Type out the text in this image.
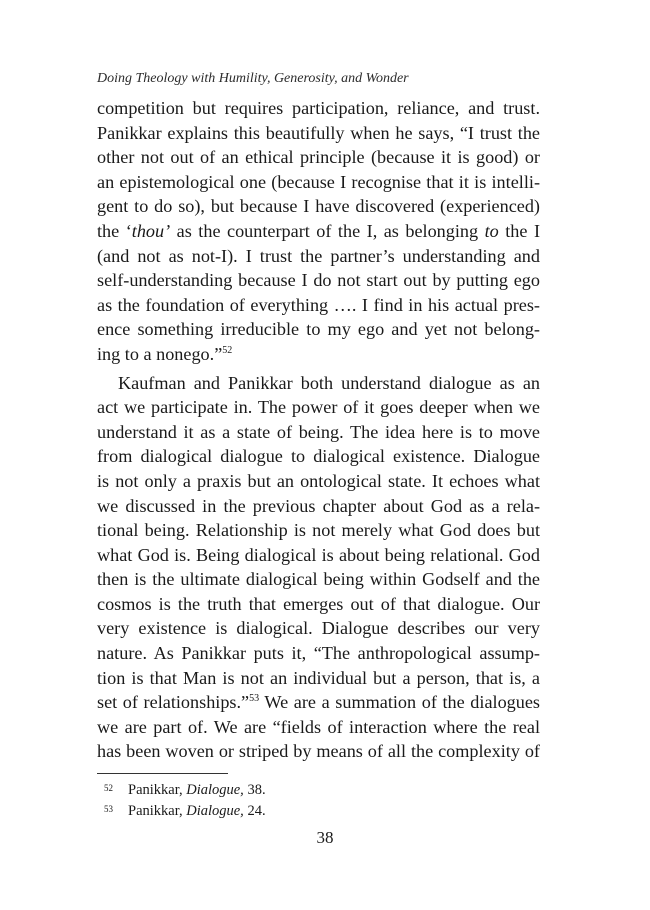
Doing Theology with Humility, Generosity, and Wonder
competition but requires participation, reliance, and trust.
Panikkar explains this beautifully when he says, “I trust the
other not out of an ethical principle (because it is good) or
an epistemological one (because I recognise that it is intelli-
gent to do so), but because I have discovered (experienced)
the ‘thou’ as the counterpart of the I, as belonging to the I
(and not as not-I). I trust the partner’s understanding and
self-understanding because I do not start out by putting ego
as the foundation of everything …. I find in his actual pres-
ence something irreducible to my ego and yet not belong-
ing to a nonego.”$^{52}$
Kaufman and Panikkar both understand dialogue as an
act we participate in. The power of it goes deeper when we
understand it as a state of being. The idea here is to move
from dialogical dialogue to dialogical existence. Dialogue
is not only a praxis but an ontological state. It echoes what
we discussed in the previous chapter about God as a rela-
tional being. Relationship is not merely what God does but
what God is. Being dialogical is about being relational. God
then is the ultimate dialogical being within Godself and the
cosmos is the truth that emerges out of that dialogue. Our
very existence is dialogical. Dialogue describes our very
nature. As Panikkar puts it, “The anthropological assump-
tion is that Man is not an individual but a person, that is, a
set of relationships.”$^{53}$ We are a summation of the dialogues
we are part of. We are “fields of interaction where the real
has been woven or striped by means of all the complexity of
52	Panikkar, Dialogue, 38.
53	Panikkar, Dialogue, 24.
38
